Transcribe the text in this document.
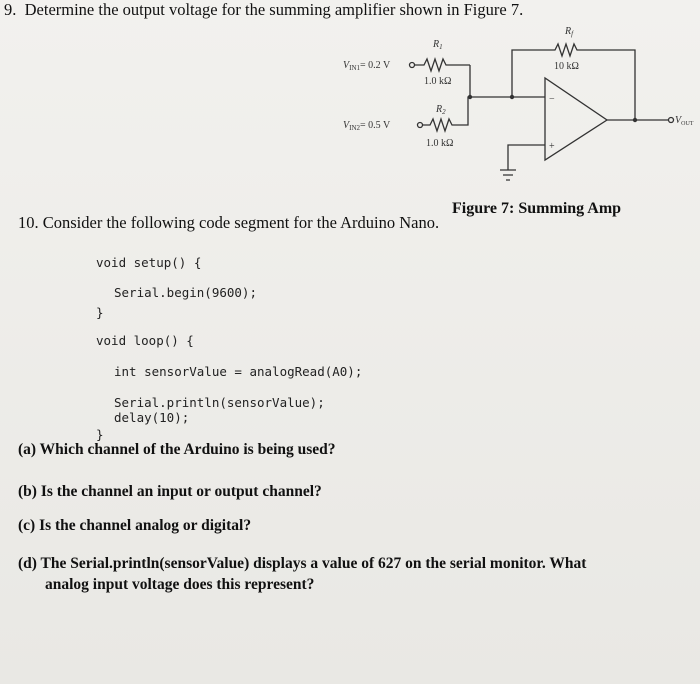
9. Determine the output voltage for the summing amplifier shown in Figure 7.
$V_{IN1}= 0.2$ V
$V_{IN2}= 0.5$ V
$R_1$
1.0 kΩ
$R_2$
1.0 kΩ
$R_f$
10 kΩ
−
+
$V_{OUT}$
Figure 7: Summing Amp
10. Consider the following code segment for the Arduino Nano.
void setup() {
Serial.begin(9600);
}
void loop() {
int sensorValue = analogRead(A0);
Serial.println(sensorValue);
delay(10);
}
(a) Which channel of the Arduino is being used?
(b) Is the channel an input or output channel?
(c) Is the channel analog or digital?
(d) The Serial.println(sensorValue) displays a value of 627 on the serial monitor. What
analog input voltage does this represent?
